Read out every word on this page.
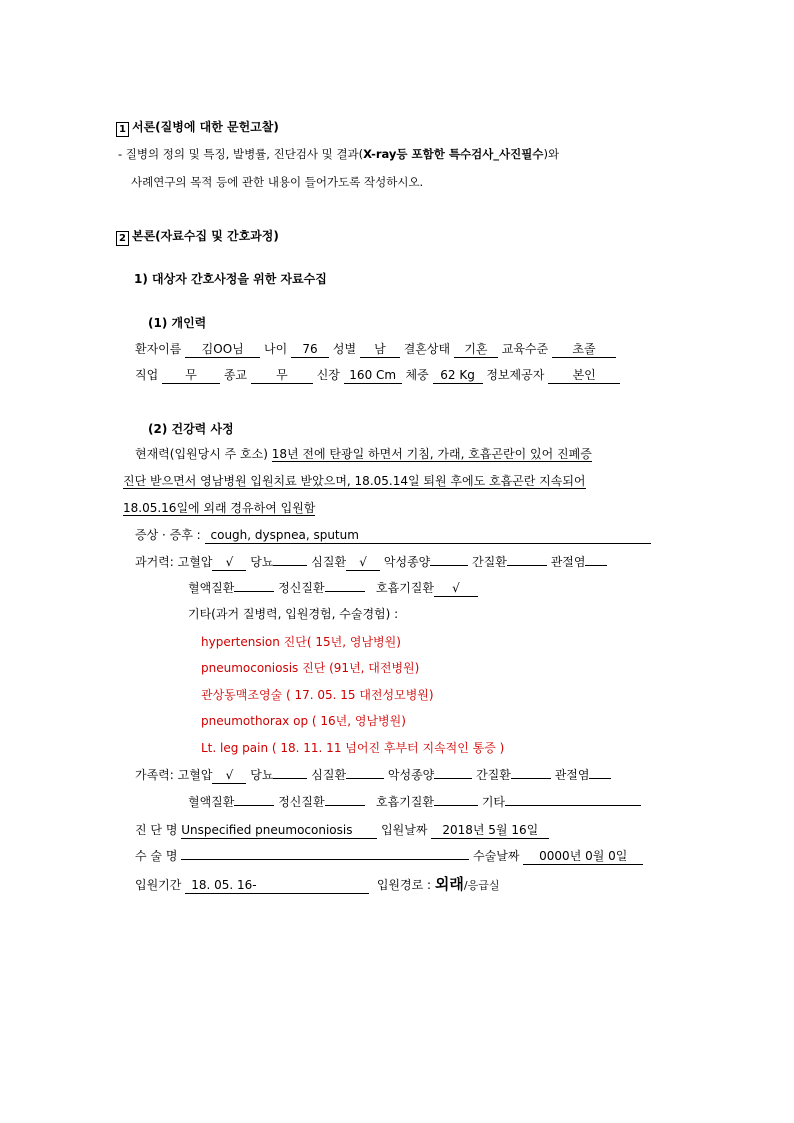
1 서론(질병에 대한 문헌고찰)
- 질병의 정의 및 특징, 발병률, 진단검사 및 결과(X-ray등 포함한 특수검사_사진필수)와
사례연구의 목적 등에 관한 내용이 들어가도록 작성하시오.
2 본론(자료수집 및 간호과정)
1) 대상자 간호사정을 위한 자료수집
(1) 개인력
환자이름 김OO님 나이 76 성별 남 결혼상태 기혼 교육수준 초졸
직업 무 종교 무 신장 160 Cm 체중 62 Kg 정보제공자 본인
(2) 건강력 사정
현재력(입원당시 주 호소) 18년 전에 탄광일 하면서 기침, 가래, 호흡곤란이 있어 진폐증
진단 받으면서 영남병원 입원치료 받았으며, 18.05.14일 퇴원 후에도 호흡곤란 지속되어
18.05.16일에 외래 경유하여 입원함
증상 · 증후 : cough, dyspnea, sputum
과거력: 고혈압 √ 당뇨	심질환 √ 악성종양	간질환	관절염
혈액질환	정신질환	호흡기질환 √
기타(과거 질병력, 입원경험, 수술경험) :
hypertension 진단( 15년, 영남병원)
pneumoconiosis 진단 (91년, 대전병원)
관상동맥조영술 ( 17. 05. 15 대전성모병원)
pneumothorax op ( 16년, 영남병원)
Lt. leg pain ( 18. 11. 11 넘어진 후부터 지속적인 통증 )
가족력: 고혈압 √ 당뇨	심질환	악성종양	간질환	관절염
혈액질환	정신질환	호흡기질환	기타
진 단 명 Unspecified pneumoconiosis 입원날짜 2018년 5월 16일
수 술 명	수술날짜 0000년 0월 0일
입원기간 18. 05. 16-	입원경로 : 외래/응급실
